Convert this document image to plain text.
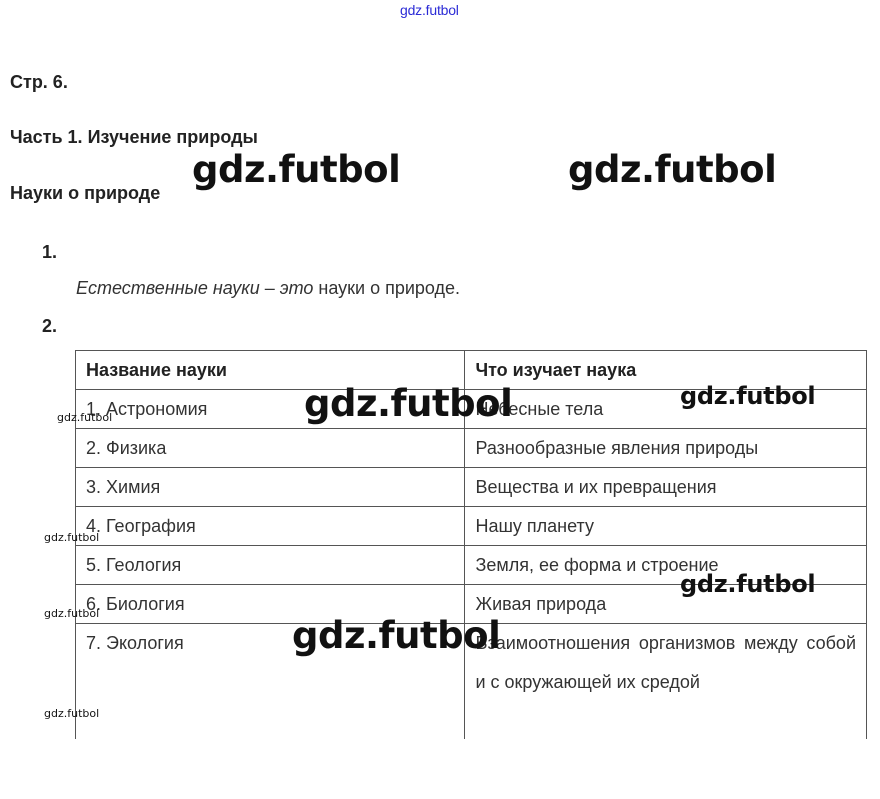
gdz.futbol
Стр. 6.
Часть 1. Изучение природы
Науки о природе
1.
Естественные науки – это науки о природе.
2.
Название науки	Что изучает наука
1. Астрономия	Небесные тела
2. Физика	Разнообразные явления природы
3. Химия	Вещества и их превращения
4. География	Нашу планету
5. Геология	Земля, ее форма и строение
6. Биология	Живая природа

7. Экология	Взаимоотношения организмов между собой и с окружающей их средой
gdz.futbol	gdz.futbol
gdz.futbol	gdz.futbol
gdz.futbol
gdz.futbol
gdz.futbol
gdz.futbol
gdz.futbol
gdz.futbol
